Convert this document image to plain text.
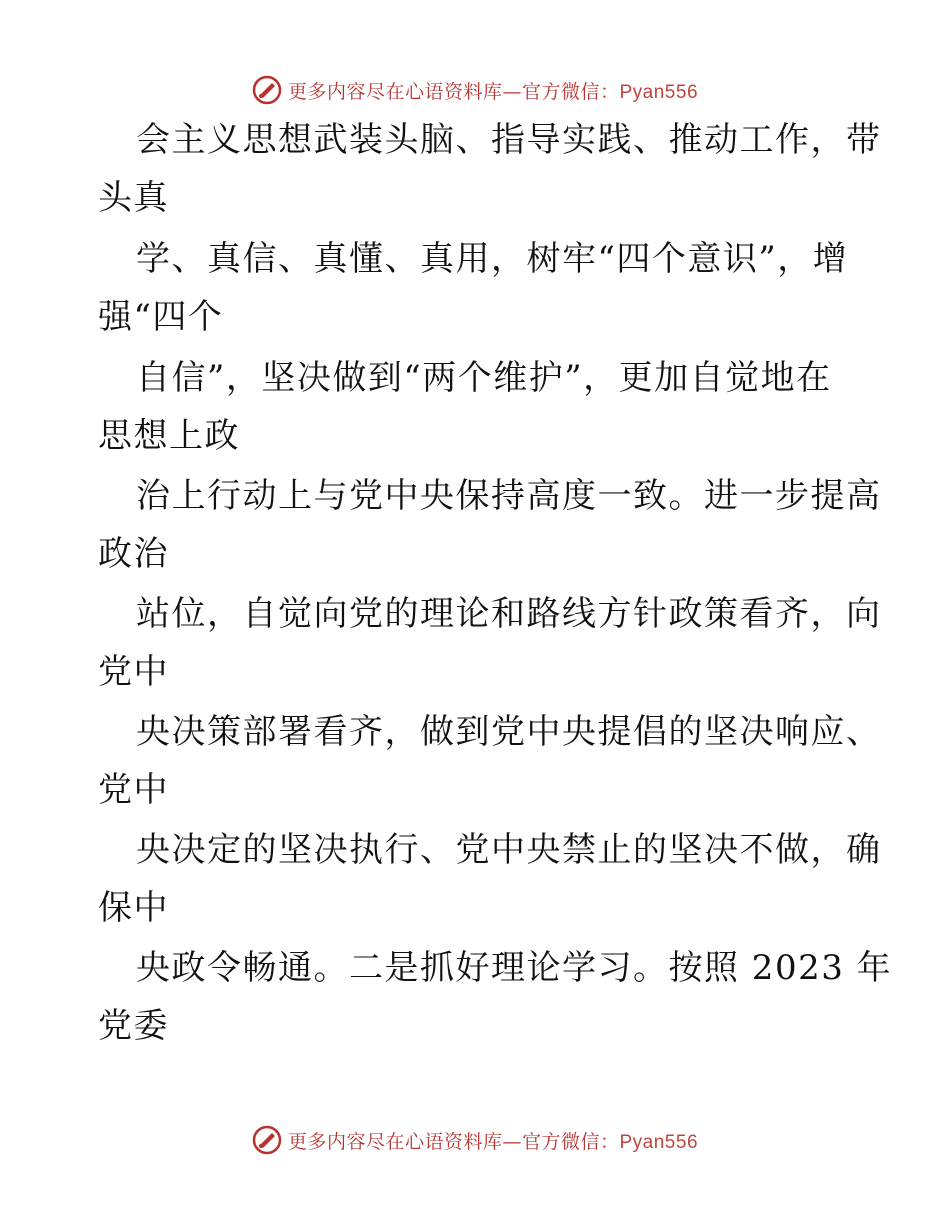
更多内容尽在心语资料库—官方微信：Pyan556
会主义思想武装头脑、指导实践、推动工作，带
头真
学、真信、真懂、真用，树牢“四个意识”，增
强“四个
自信”，坚决做到“两个维护”，更加自觉地在
思想上政
治上行动上与党中央保持高度一致。进一步提高
政治
站位，自觉向党的理论和路线方针政策看齐，向
党中
央决策部署看齐，做到党中央提倡的坚决响应、
党中
央决定的坚决执行、党中央禁止的坚决不做，确
保中
央政令畅通。二是抓好理论学习。按照 2023 年
党委
更多内容尽在心语资料库—官方微信：Pyan556
